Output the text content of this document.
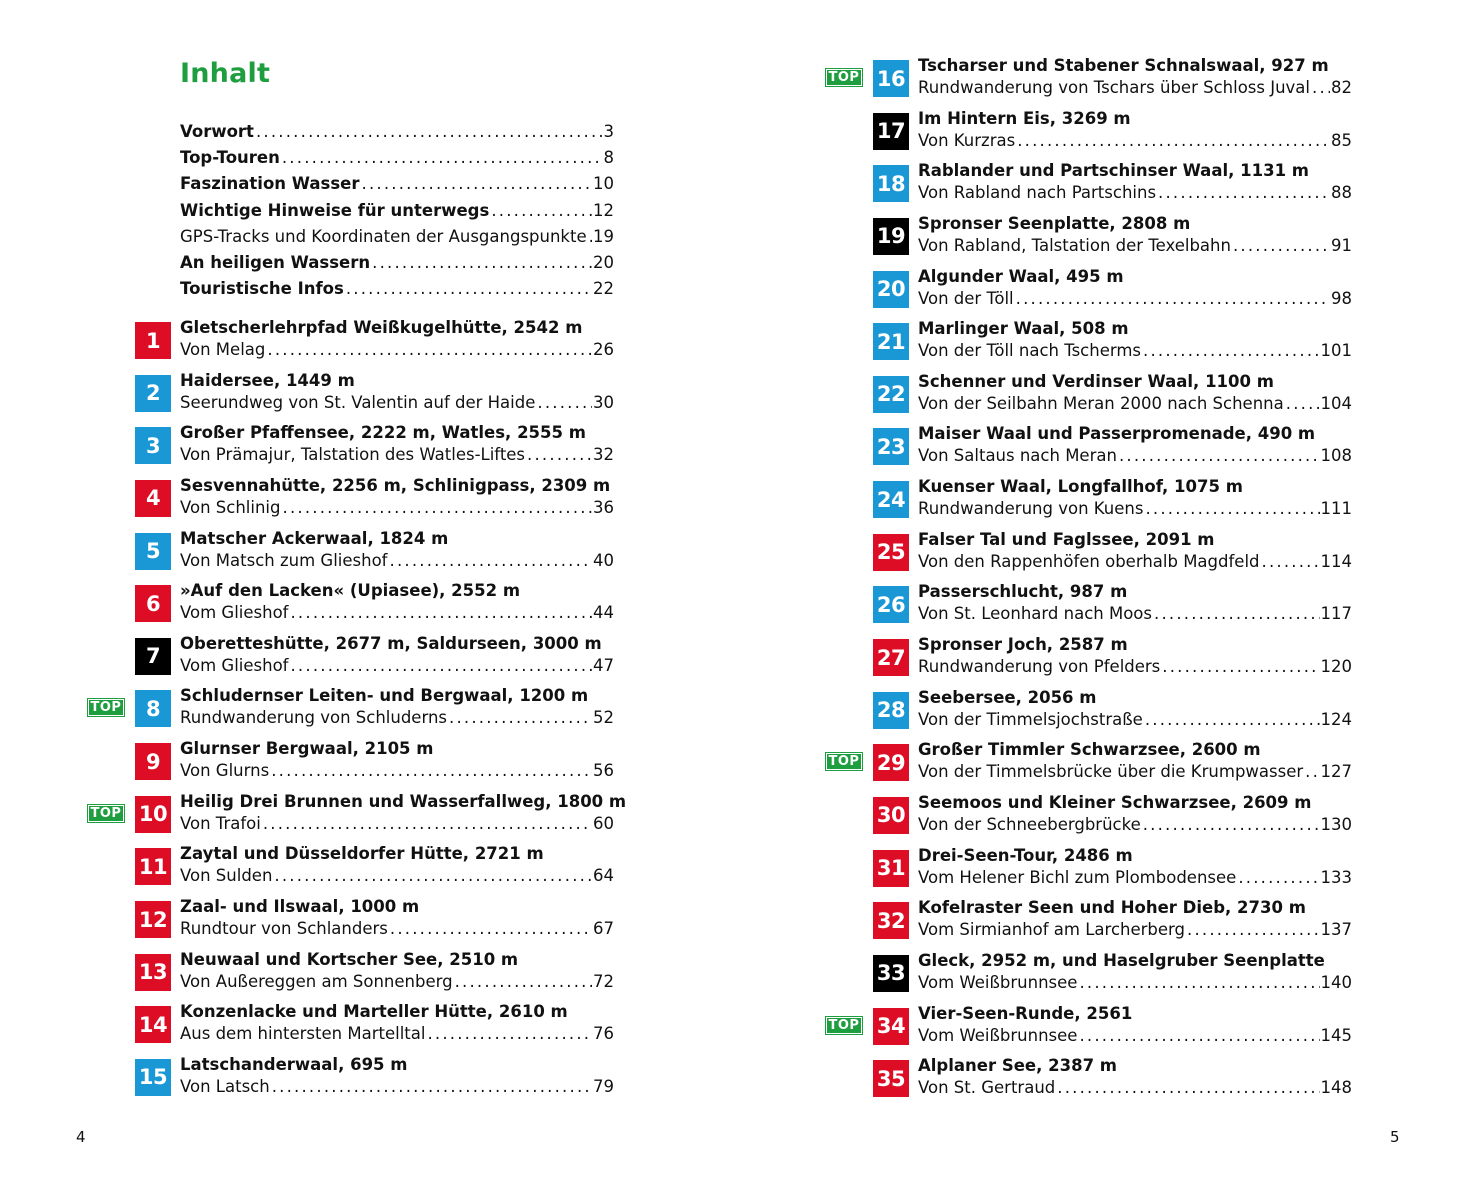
Inhalt
Vorwort .....	3
Top-Touren .....	8
Faszination Wasser .....	10
Wichtige Hinweise für unterwegs .....	12
GPS-Tracks und Koordinaten der Ausgangspunkte ..... 19
An heiligen Wassern .....	20
Touristische Infos .....	22
1
Gletscherlehrpfad Weißkugelhütte, 2542 m
Von Melag .....	26
2
Haidersee, 1449 m
Seerundweg von St. Valentin auf der Haide .....	30
3
Großer Pfaffensee, 2222 m, Watles, 2555 m
Von Prämajur, Talstation des Watles-Liftes .....	32
4
Sesvennahütte, 2256 m, Schlinigpass, 2309 m
Von Schlinig .....	36
5
Matscher Ackerwaal, 1824 m
Von Matsch zum Glieshof .....	40
6
»Auf den Lacken« (Upiasee), 2552 m
Vom Glieshof .....	44
7
Oberetteshütte, 2677 m, Saldurseen, 3000 m
Vom Glieshof .....	47
TOP	8
Schludernser Leiten- und Bergwaal, 1200 m
Rundwanderung von Schluderns .....	52
9
Glurnser Bergwaal, 2105 m
Von Glurns .....	56
TOP 10
Heilig Drei Brunnen und Wasserfallweg, 1800 m
Von Trafoi .....	60
11
Zaytal und Düsseldorfer Hütte, 2721 m
Von Sulden .....	64
12
Zaal- und Ilswaal, 1000 m
Rundtour von Schlanders .....	67
13
Neuwaal und Kortscher See, 2510 m
Von Außereggen am Sonnenberg .....	72
14
Konzenlacke und Marteller Hütte, 2610 m
Aus dem hintersten Martelltal .....	76
15
Latschanderwaal, 695 m
Von Latsch .....	79
4
TOP 16
Tscharser und Stabener Schnalswaal, 927 m
Rundwanderung von Tschars über Schloss Juval ..... 82
17
Im Hintern Eis, 3269 m
Von Kurzras .....	85
18
Rablander und Partschinser Waal, 1131 m
Von Rabland nach Partschins .....	88
19
Spronser Seenplatte, 2808 m
Von Rabland, Talstation der Texelbahn .....	91
20
Algunder Waal, 495 m
Von der Töll .....	98
21
Marlinger Waal, 508 m
Von der Töll nach Tscherms .....	101
22
Schenner und Verdinser Waal, 1100 m
Von der Seilbahn Meran 2000 nach Schenna ..... 104
23
Maiser Waal und Passerpromenade, 490 m
Von Saltaus nach Meran .....	108
24
Kuenser Waal, Longfallhof, 1075 m
Rundwanderung von Kuens .....	111
25
Falser Tal und Faglssee, 2091 m
Von den Rappenhöfen oberhalb Magdfeld .....	114
26
Passerschlucht, 987 m
Von St. Leonhard nach Moos .....	117
27
Spronser Joch, 2587 m
Rundwanderung von Pfelders .....	120
28
Seebersee, 2056 m
Von der Timmelsjochstraße .....	124
TOP 29
Großer Timmler Schwarzsee, 2600 m
Von der Timmelsbrücke über die Krumpwasser ..... 127
30
Seemoos und Kleiner Schwarzsee, 2609 m
Von der Schneebergbrücke .....	130
31
Drei-Seen-Tour, 2486 m
Vom Helener Bichl zum Plombodensee .....	133
32
Kofelraster Seen und Hoher Dieb, 2730 m
Vom Sirmianhof am Larcherberg .....	137
33
Gleck, 2952 m, und Haselgruber Seenplatte
Vom Weißbrunnsee .....	140
TOP 34
Vier-Seen-Runde, 2561
Vom Weißbrunnsee .....	145
35
Alplaner See, 2387 m
Von St. Gertraud .....	148
5
